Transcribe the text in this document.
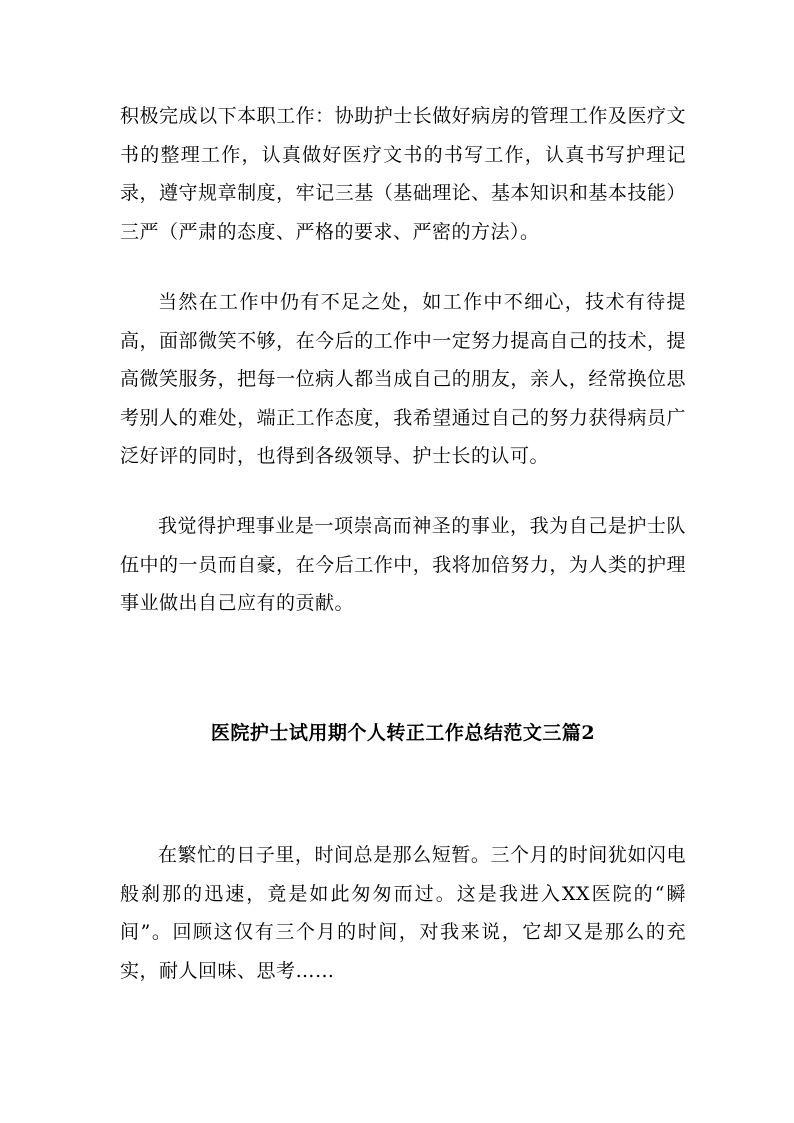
积极完成以下本职工作：协助护士长做好病房的管理工作及医疗文书的整理工作，认真做好医疗文书的书写工作，认真书写护理记录，遵守规章制度，牢记三基（基础理论、基本知识和基本技能）三严（严肃的态度、严格的要求、严密的方法）。

当然在工作中仍有不足之处，如工作中不细心，技术有待提高，面部微笑不够，在今后的工作中一定努力提高自己的技术，提高微笑服务，把每一位病人都当成自己的朋友，亲人，经常换位思考别人的难处，端正工作态度，我希望通过自己的努力获得病员广泛好评的同时，也得到各级领导、护士长的认可。

我觉得护理事业是一项崇高而神圣的事业，我为自己是护士队伍中的一员而自豪，在今后工作中，我将加倍努力，为人类的护理事业做出自己应有的贡献。

医院护士试用期个人转正工作总结范文三篇2

在繁忙的日子里，时间总是那么短暂。三个月的时间犹如闪电般刹那的迅速，竟是如此匆匆而过。这是我进入XX医院的“瞬间”。回顾这仅有三个月的时间，对我来说，它却又是那么的充实，耐人回味、思考……
